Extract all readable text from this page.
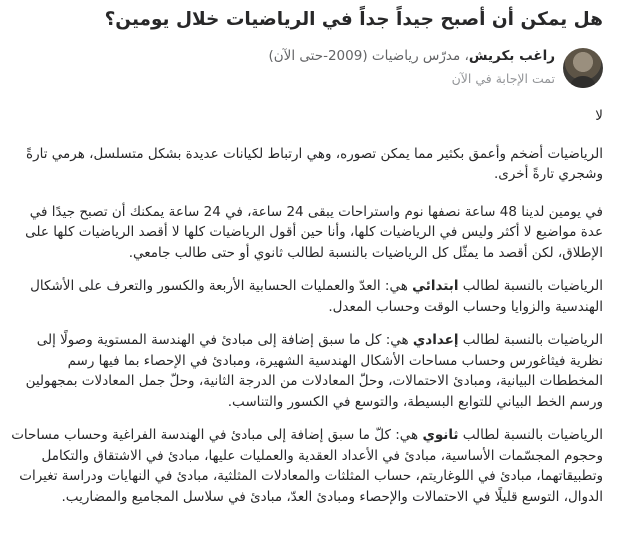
هل يمكن أن أصبح جيداً جداً في الرياضيات خلال يومين؟
راغب بكريش، مدرّس رياضيات (2009-حتى الآن)
تمت الإجابة في الآن

لا

الرياضيات أضخم وأعمق بكثير مما يمكن تصوره، وهي ارتباط لكيانات عديدة بشكل متسلسل، هرمي تارةً وشجري تارةً أخرى.

في يومين لدينا 48 ساعة نصفها نوم واستراحات يبقى 24 ساعة، في 24 ساعة يمكنك أن تصبح جيدًا في عدة مواضيع لا أكثر وليس في الرياضيات كلها، وأنا حين أقول الرياضيات كلها لا أقصد الرياضيات كلها على الإطلاق، لكن أقصد ما يمثّل كل الرياضيات بالنسبة لطالب ثانوي أو حتى طالب جامعي.

الرياضيات بالنسبة لطالب ابتدائي هي: العدّ والعمليات الحسابية الأربعة والكسور والتعرف على الأشكال الهندسية والزوايا وحساب الوقت وحساب المعدل.

الرياضيات بالنسبة لطالب إعدادي هي: كل ما سبق إضافة إلى مبادئ في الهندسة المستوية وصولًا إلى نظرية فيثاغورس وحساب مساحات الأشكال الهندسية الشهيرة، ومبادئ في الإحصاء بما فيها رسم المخططات البيانية، ومبادئ الاحتمالات، وحلّ المعادلات من الدرجة الثانية، وحلّ جمل المعادلات بمجهولين ورسم الخط البياني للتوابع البسيطة، والتوسع في الكسور والتناسب.

الرياضيات بالنسبة لطالب ثانوي هي: كلّ ما سبق إضافة إلى مبادئ في الهندسة الفراغية وحساب مساحات وحجوم المجسّمات الأساسية، مبادئ في الأعداد العقدية والعمليات عليها، مبادئ في الاشتقاق والتكامل وتطبيقاتهما، مبادئ في اللوغاريتم، حساب المثلثات والمعادلات المثلثية، مبادئ في النهايات ودراسة تغيرات الدوال، التوسع قليلًا في الاحتمالات والإحصاء ومبادئ العدّ، مبادئ في سلاسل المجاميع والمضاريب.
